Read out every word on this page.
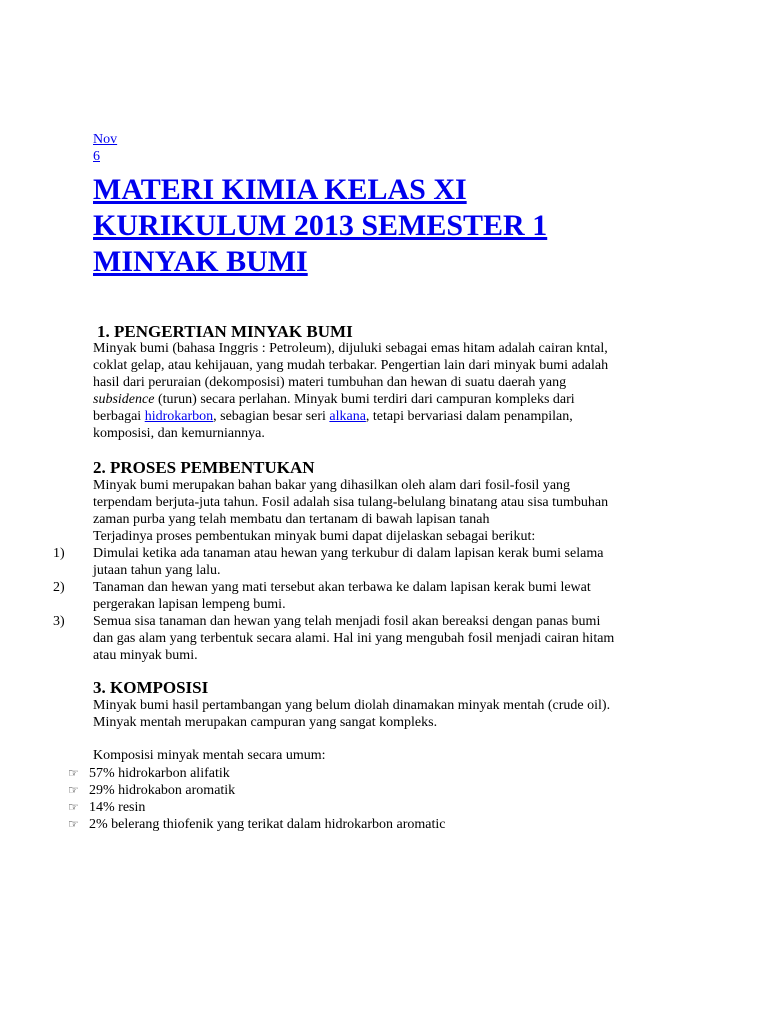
Nov
6
MATERI KIMIA KELAS XI
KURIKULUM 2013 SEMESTER 1
MINYAK BUMI

1. PENGERTIAN MINYAK BUMI

Minyak bumi (bahasa Inggris : Petroleum), dijuluki sebagai emas hitam adalah cairan kntal,

coklat gelap, atau kehijauan, yang mudah terbakar. Pengertian lain dari minyak bumi adalah

hasil dari peruraian (dekomposisi) materi tumbuhan dan hewan di suatu daerah yang

subsidence (turun) secara perlahan. Minyak bumi terdiri dari campuran kompleks dari

berbagai hidrokarbon, sebagian besar seri alkana, tetapi bervariasi dalam penampilan,

komposisi, dan kemurniannya.

2. PROSES PEMBENTUKAN

Minyak bumi merupakan bahan bakar yang dihasilkan oleh alam dari fosil-fosil yang

terpendam berjuta-juta tahun. Fosil adalah sisa tulang-belulang binatang atau sisa tumbuhan

zaman purba yang telah membatu dan tertanam di bawah lapisan tanah

Terjadinya proses pembentukan minyak bumi dapat dijelaskan sebagai berikut:

1)	Dimulai ketika ada tanaman atau hewan yang terkubur di dalam lapisan kerak bumi selama
jutaan tahun yang lalu.
2)	Tanaman dan hewan yang mati tersebut akan terbawa ke dalam lapisan kerak bumi lewat
pergerakan lapisan lempeng bumi.
3)	Semua sisa tanaman dan hewan yang telah menjadi fosil akan bereaksi dengan panas bumi
dan gas alam yang terbentuk secara alami. Hal ini yang mengubah fosil menjadi cairan hitam
atau minyak bumi.

3. KOMPOSISI

Minyak bumi hasil pertambangan yang belum diolah dinamakan minyak mentah (crude oil).

Minyak mentah merupakan campuran yang sangat kompleks.

Komposisi minyak mentah secara umum:

☞ 57% hidrokarbon alifatik
☞ 29% hidrokabon aromatik
☞ 14% resin
☞ 2% belerang thiofenik yang terikat dalam hidrokarbon aromatic
